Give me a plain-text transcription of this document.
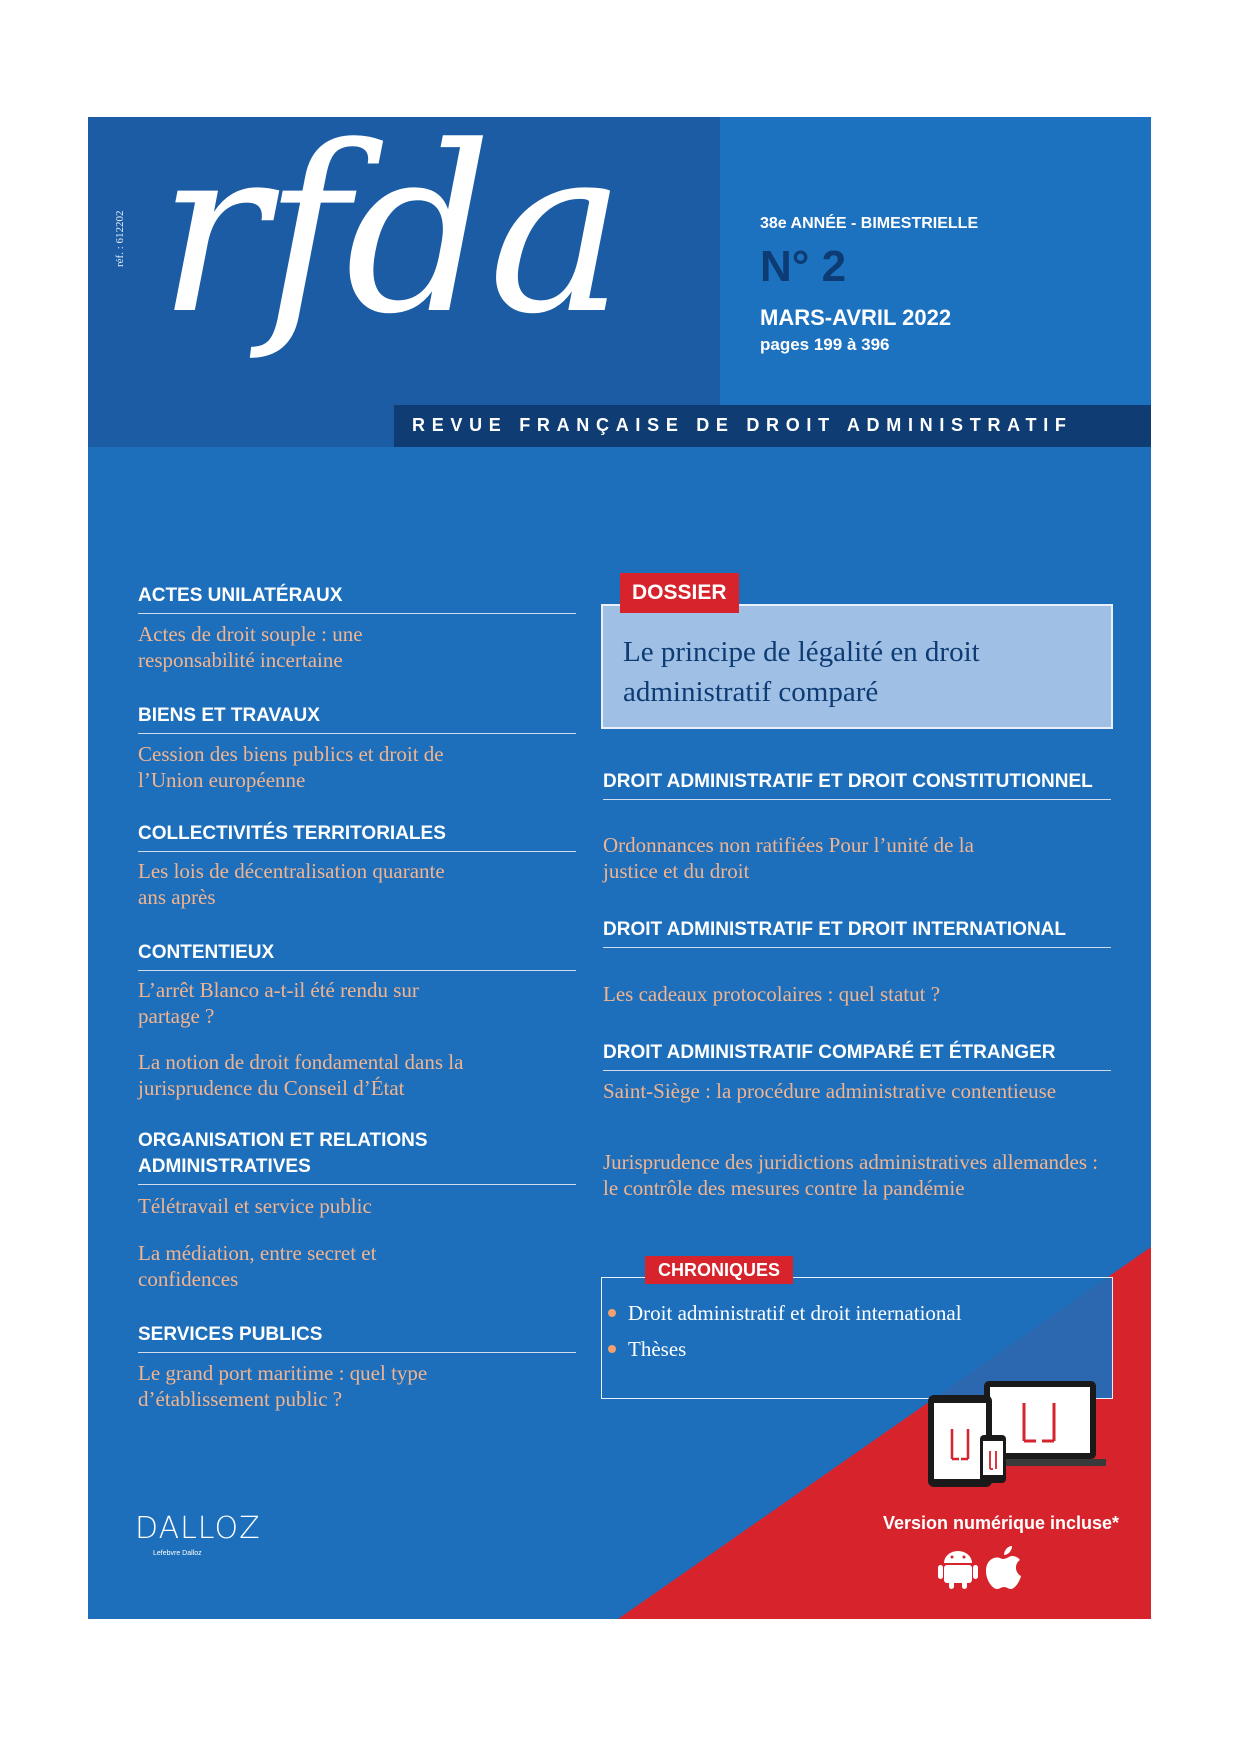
réf. : 612202 rfda	38e ANNÉE - BIMESTRIELLE
N° 2
MARS-AVRIL 2022
pages 199 à 396
REVUE FRANÇAISE DE DROIT ADMINISTRATIF
ACTES UNILATÉRAUX
Actes de droit souple : une responsabilité incertaine
BIENS ET TRAVAUX
Cession des biens publics et droit de l’Union européenne
COLLECTIVITÉS TERRITORIALES
Les lois de décentralisation quarante ans après
CONTENTIEUX
L’arrêt Blanco a-t-il été rendu sur partage ?
La notion de droit fondamental dans la jurisprudence du Conseil d’État
ORGANISATION ET RELATIONS ADMINISTRATIVES
Télétravail et service public
La médiation, entre secret et confidences
SERVICES PUBLICS
Le grand port maritime : quel type d’établissement public ?
DOSSIER
Le principe de légalité en droit administratif comparé
DROIT ADMINISTRATIF ET DROIT CONSTITUTIONNEL
Ordonnances non ratifiées Pour l’unité de la justice et du droit
DROIT ADMINISTRATIF ET DROIT INTERNATIONAL
Les cadeaux protocolaires : quel statut ?
DROIT ADMINISTRATIF COMPARÉ ET ÉTRANGER
Saint-Siège : la procédure administrative contentieuse
Jurisprudence des juridictions administratives allemandes : le contrôle des mesures contre la pandémie
CHRONIQUES
Droit administratif et droit international
Thèses
Version numérique incluse*
DALLOZ
Lefebvre Dalloz
